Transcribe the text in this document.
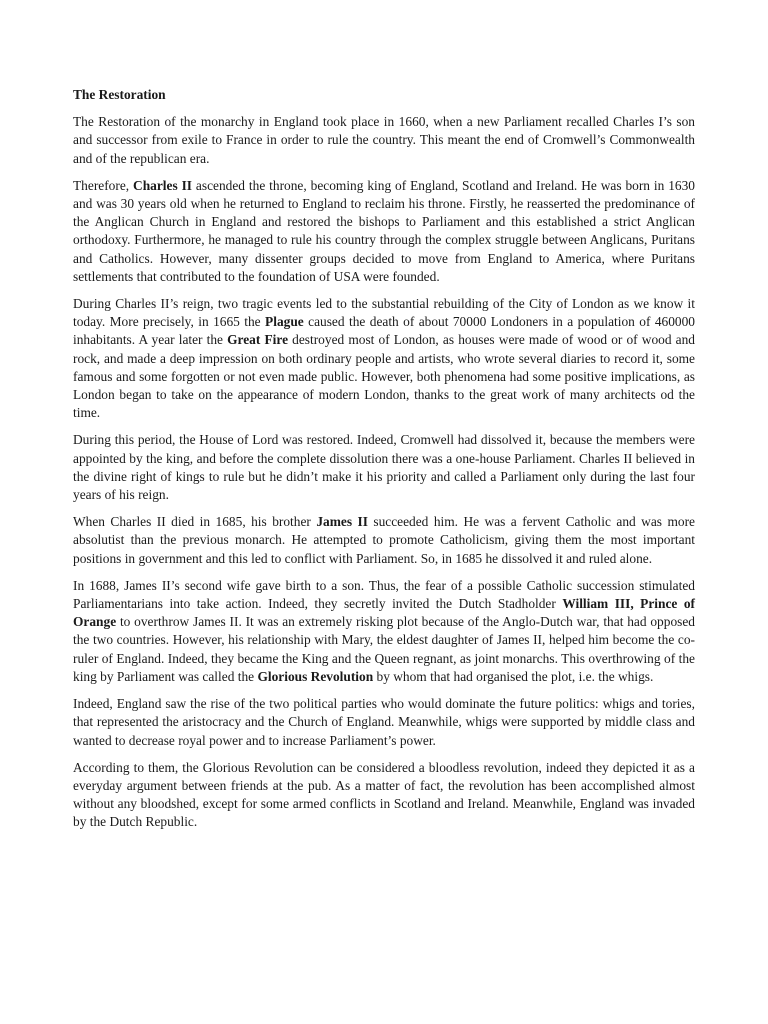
The Restoration

The Restoration of the monarchy in England took place in 1660, when a new Parliament recalled Charles I’s son and successor from exile to France in order to rule the country. This meant the end of Cromwell’s Commonwealth and of the republican era.

Therefore, Charles II ascended the throne, becoming king of England, Scotland and Ireland. He was born in 1630 and was 30 years old when he returned to England to reclaim his throne. Firstly, he reasserted the predominance of the Anglican Church in England and restored the bishops to Parliament and this established a strict Anglican orthodoxy. Furthermore, he managed to rule his country through the complex struggle between Anglicans, Puritans and Catholics. However, many dissenter groups decided to move from England to America, where Puritans settlements that contributed to the foundation of USA were founded.

During Charles II’s reign, two tragic events led to the substantial rebuilding of the City of London as we know it today. More precisely, in 1665 the Plague caused the death of about 70000 Londoners in a population of 460000 inhabitants. A year later the Great Fire destroyed most of London, as houses were made of wood or of wood and rock, and made a deep impression on both ordinary people and artists, who wrote several diaries to record it, some famous and some forgotten or not even made public. However, both phenomena had some positive implications, as London began to take on the appearance of modern London, thanks to the great work of many architects od the time.

During this period, the House of Lord was restored. Indeed, Cromwell had dissolved it, because the members were appointed by the king, and before the complete dissolution there was a one-house Parliament. Charles II believed in the divine right of kings to rule but he didn’t make it his priority and called a Parliament only during the last four years of his reign.

When Charles II died in 1685, his brother James II succeeded him. He was a fervent Catholic and was more absolutist than the previous monarch. He attempted to promote Catholicism, giving them the most important positions in government and this led to conflict with Parliament. So, in 1685 he dissolved it and ruled alone.

In 1688, James II’s second wife gave birth to a son. Thus, the fear of a possible Catholic succession stimulated Parliamentarians into take action. Indeed, they secretly invited the Dutch Stadholder William III, Prince of Orange to overthrow James II. It was an extremely risking plot because of the Anglo-Dutch war, that had opposed the two countries. However, his relationship with Mary, the eldest daughter of James II, helped him become the co-ruler of England. Indeed, they became the King and the Queen regnant, as joint monarchs. This overthrowing of the king by Parliament was called the Glorious Revolution by whom that had organised the plot, i.e. the whigs.

Indeed, England saw the rise of the two political parties who would dominate the future politics: whigs and tories, that represented the aristocracy and the Church of England. Meanwhile, whigs were supported by middle class and wanted to decrease royal power and to increase Parliament’s power.

According to them, the Glorious Revolution can be considered a bloodless revolution, indeed they depicted it as a everyday argument between friends at the pub. As a matter of fact, the revolution has been accomplished almost without any bloodshed, except for some armed conflicts in Scotland and Ireland. Meanwhile, England was invaded by the Dutch Republic.
